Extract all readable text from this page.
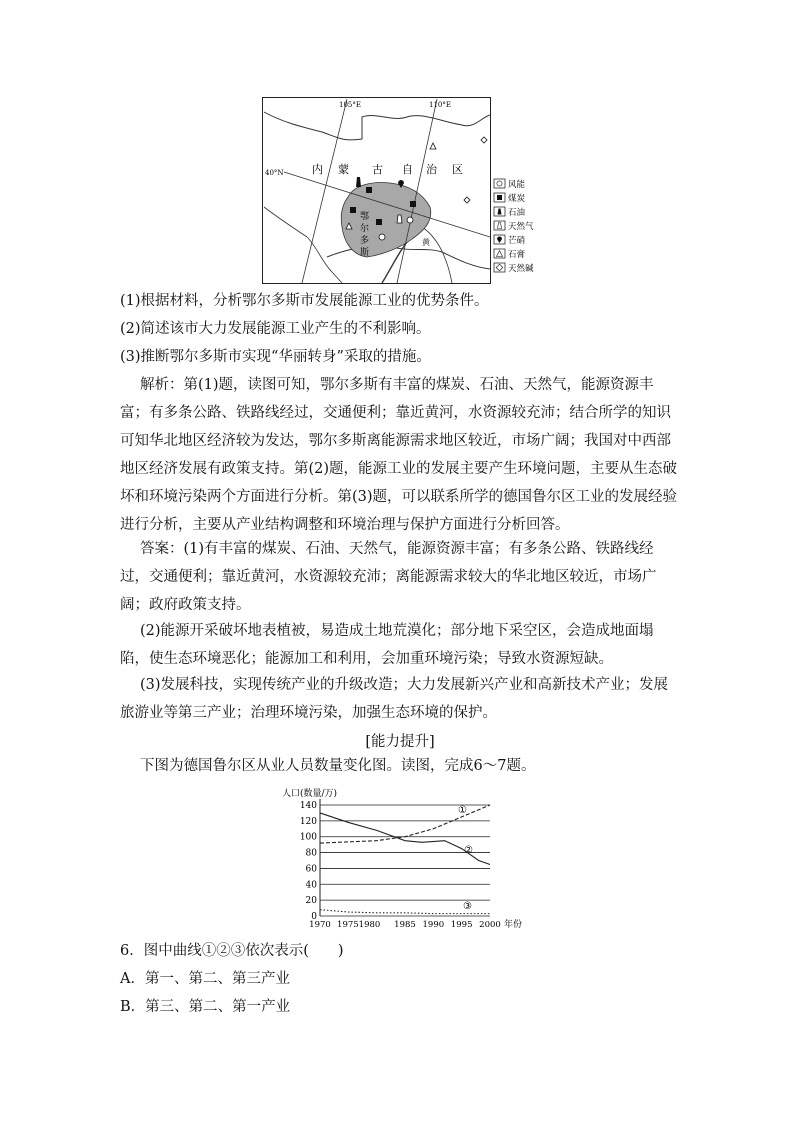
105°E	110°E
40°N	内 蒙 古 自 治 区
鄂
尔
多
斯
黄
风能
煤炭
石油
天然气
芒硝
石膏
天然碱

(1)根据材料，分析鄂尔多斯市发展能源工业的优势条件。

(2)简述该市大力发展能源工业产生的不利影响。

(3)推断鄂尔多斯市实现“华丽转身”采取的措施。

解析：第(1)题，读图可知，鄂尔多斯有丰富的煤炭、石油、天然气，能源资源丰富；有多条公路、铁路线经过，交通便利；靠近黄河，水资源较充沛；结合所学的知识可知华北地区经济较为发达，鄂尔多斯离能源需求地区较近，市场广阔；我国对中西部地区经济发展有政策支持。第(2)题，能源工业的发展主要产生环境问题，主要从生态破坏和环境污染两个方面进行分析。第(3)题，可以联系所学的德国鲁尔区工业的发展经验进行分析，主要从产业结构调整和环境治理与保护方面进行分析回答。

答案：(1)有丰富的煤炭、石油、天然气，能源资源丰富；有多条公路、铁路线经过，交通便利；靠近黄河，水资源较充沛；离能源需求较大的华北地区较近，市场广阔；政府政策支持。

(2)能源开采破坏地表植被，易造成土地荒漠化；部分地下采空区，会造成地面塌陷，使生态环境恶化；能源加工和利用，会加重环境污染；导致水资源短缺。

(3)发展科技，实现传统产业的升级改造；大力发展新兴产业和高新技术产业；发展旅游业等第三产业；治理环境污染，加强生态环境的保护。

[能力提升]

下图为德国鲁尔区从业人员数量变化图。读图，完成6～7题。

0
20
40
60
80
100
120
140
人口(数量/万)
1970 19751980 1985 1990 1995 2000 年份
①
②
③

6．图中曲线①②③依次表示(　　)

A．第一、第二、第三产业

B．第三、第二、第一产业
